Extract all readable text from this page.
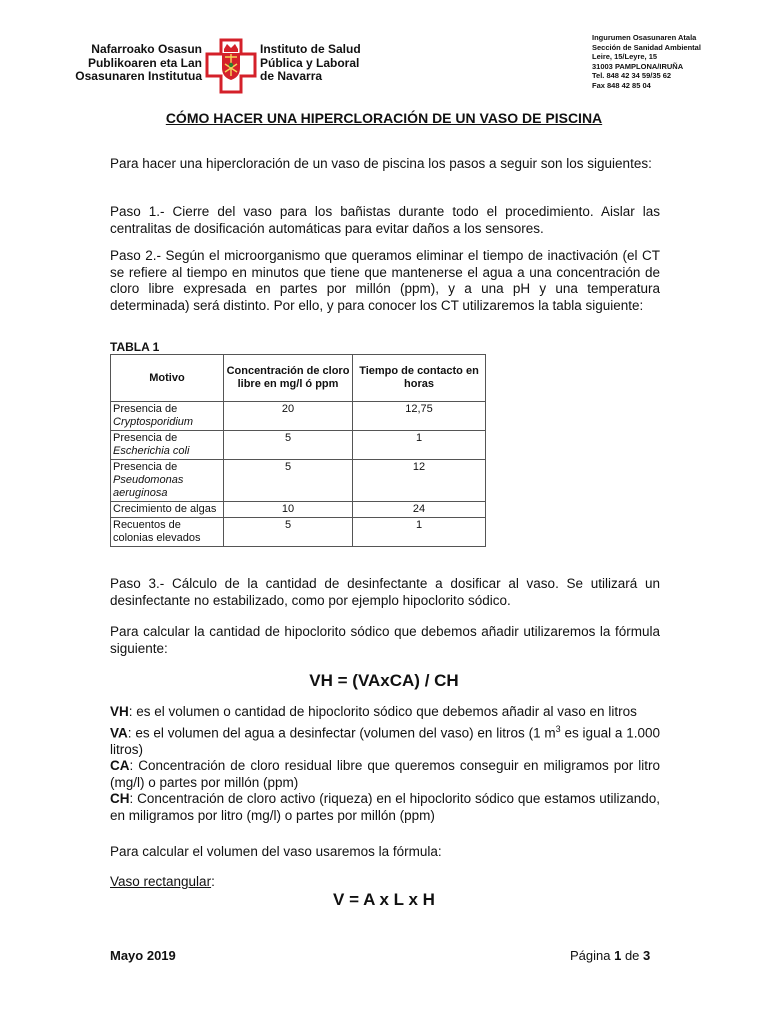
Nafarroako Osasun
Publikoaren eta Lan
Osasunaren Institutua
Instituto de Salud
Pública y Laboral
de Navarra
Ingurumen Osasunaren Atala
Sección de Sanidad Ambiental
Leire, 15/Leyre, 15
31003 PAMPLONA/IRUÑA
Tel. 848 42 34 59/35 62
Fax 848 42 85 04
CÓMO HACER UNA HIPERCLORACIÓN DE UN VASO DE PISCINA
Para hacer una hipercloración de un vaso de piscina los pasos a seguir son los siguientes:
Paso 1.- Cierre del vaso para los bañistas durante todo el procedimiento. Aislar las centralitas de dosificación automáticas para evitar daños a los sensores.
Paso 2.- Según el microorganismo que queramos eliminar el tiempo de inactivación (el CT se refiere al tiempo en minutos que tiene que mantenerse el agua a una concentración de cloro libre expresada en partes por millón (ppm), y a una pH y una temperatura determinada) será distinto. Por ello, y para conocer los CT utilizaremos la tabla siguiente:
TABLA 1
Motivo	Concentración de cloro libre en mg/l ó ppm	Tiempo de contacto en horas
Presencia de
Cryptosporidium	20	12,75
Presencia de
Escherichia coli	5	1
Presencia de
Pseudomonas aeruginosa	5	12
Crecimiento de algas	10	24
Recuentos de colonias elevados	5	1
Paso 3.- Cálculo de la cantidad de desinfectante a dosificar al vaso. Se utilizará un desinfectante no estabilizado, como por ejemplo hipoclorito sódico.
Para calcular la cantidad de hipoclorito sódico que debemos añadir utilizaremos la fórmula siguiente:
VH = (VAxCA) / CH
VH: es el volumen o cantidad de hipoclorito sódico que debemos añadir al vaso en litros
VA: es el volumen del agua a desinfectar (volumen del vaso) en litros (1 $m^3$ es igual a 1.000 litros)
CA: Concentración de cloro residual libre que queremos conseguir en miligramos por litro (mg/l) o partes por millón (ppm)
CH: Concentración de cloro activo (riqueza) en el hipoclorito sódico que estamos utilizando, en miligramos por litro (mg/l) o partes por millón (ppm)
Para calcular el volumen del vaso usaremos la fórmula:
Vaso rectangular:
V = A x L x H
Mayo 2019	Página 1 de 3
